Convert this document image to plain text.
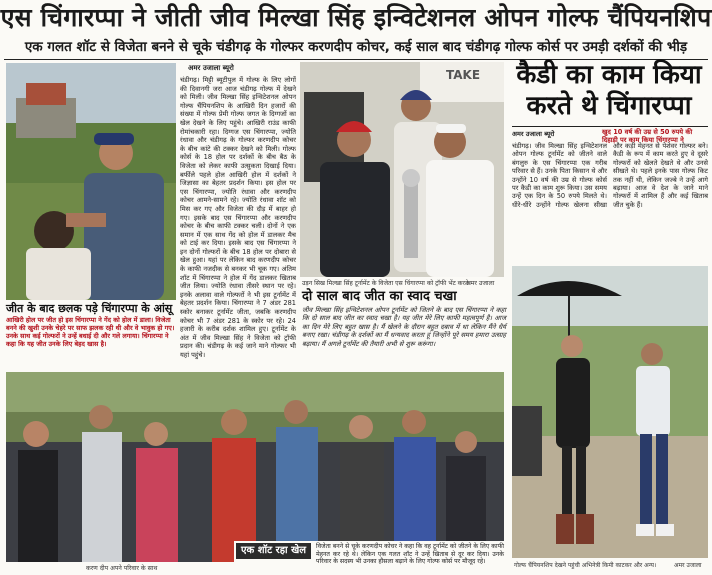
एस चिंगारप्पा ने जीती जीव मिल्खा सिंह इन्विटेशनल ओपन गोल्फ चैंपियनशिप
एक गलत शॉट से विजेता बनने से चूके चंडीगढ़ के गोल्फर करणदीप कोचर, कई साल बाद चंडीगढ़ गोल्फ कोर्स पर उमड़ी दर्शकों की भीड़
जीत के बाद छलक पड़े चिंगारप्पा के आंसू
आखिरी होल पर जीत हो इस चिंगारप्पा ने गेंद को होल में डाला। विजेता बनने की खुशी उनके चेहरे पर साफ झलक रही थी और वे भावुक हो गए। उनके साथ कई गोल्फरों ने उन्हें बधाई दी और गले लगाया। चिंगारप्पा ने कहा कि यह जीत उनके लिए बेहद खास है।
अमर उजाला ब्यूरो
चंडीगढ़। मिट्टी ब्यूटीपुल में गोल्फ के लिए लोगों की दिवानगी जरा आज चंडीगढ़ गोल्फ में देखने को मिली। जीव मिल्खा सिंह इन्विटेशनल ओपन गोल्फ चैंपियनशिप के आखिरी दिन हजारों की संख्या में गोल्फ प्रेमी गोल्फ जगत के दिग्गजों का खेल देखने के लिए पहुंचे। आखिरी राउंड काफी रोमांचकारी रहा। दिग्गज एस चिंगारप्पा, ज्योति रंधावा और चंडीगढ़ के गोल्फर करणदीप कोचर के बीच कांटे की टक्कर देखने को मिली। गोल्फ कोर्स के 18 होल पर दर्शकों के बीच बैठ के विजेता को लेकर काफी उत्सुकता दिखाई दिया। बर्फीले पहले होल आखिरी होल में दर्शकों ने जिज्ञासा का बेहतर प्रदर्शन किया। इस होल पर एस चिंगारप्पा, ज्योति रंधावा और करणदीप कोचर आमने-सामने रहे। ज्योति रंधावा शॉट को मिस कर गए और विजेता की दौड़ में बाहर हो गए। इसके बाद एस चिंगारप्पा और करणदीप कोचर के बीच काफी टक्कर चली। दोनों ने एक समान में एक साथ गेंद को होल में डालकर मैच को टाई कर दिया। इसके बाद एस चिंगारप्पा ने इन दोनों गोल्फरों के बीच 18 होल पर दोबारा से खेल हुआ। यहां पर लेकिन बाद करणदीप कोचर के काफी नजदीक से बनकर भी चूक गए। अंतिम शॉट में चिंगारप्पा ने होल में गेंद डालकर खिताब जीत लिया। ज्योति रंधावा तीसरे स्थान पर रहे। इनके अलावा वाले गोल्फरों ने भी इस टूर्नामेंट में बेहतर प्रदर्शन किया। चिंगारप्पा ने 7 अंडर 281 स्कोर बनाकर टूर्नामेंट जीता, जबकि करणदीप कोचर भी 7 अंडर 281 के स्कोर पर रहे। 24 हजारी के करीब दर्शक शामिल हुए। टूर्नामेंट के अंत में जीव मिल्खा सिंह ने विजेता को ट्रॉफी प्रदान की। चंडीगढ़ के कई जाने माने गोल्फर भी यहां पहुंचे।
TAKE
उड़न सिख मिल्खा सिंह टूर्नामेंट के विजेता एस चिंगारप्पा को ट्रॉफी भेंट करते।
अमर उजाला
दो साल बाद जीत का स्वाद चखा
जीव मिल्खा सिंह इन्विटेशनल ओपन टूर्नामेंट को जितने के बाद एस चिंगारप्पा ने कहा कि दो साल बाद जीत का स्वाद चखा है। यह जीत मेरे लिए काफी महत्वपूर्ण है। आज का दिन मेरे लिए बहुत खास है। मैं खेलने के दौरान बहुत दबाव में था लेकिन मैंने धैर्य बनाए रखा। चंडीगढ़ के दर्शकों का मैं धन्यवाद करता हूं जिन्होंने पूरे समय हमारा उत्साह बढ़ाया। मैं अगले टूर्नामेंट की तैयारी अभी से शुरू करूंगा।
कैडी का काम किया करते थे चिंगारप्पा
अमर उजाला ब्यूरो	खुद 10 वर्ष की उम्र से 50 रुपये की दिहाड़ी पर काम किया चिंगारप्पा ने
चंडीगढ़। जीव मिल्खा सिंह इन्विटेशनल ओपन गोल्फ टूर्नामेंट को जीतने वाले बंगलुरु के एस चिंगारप्पा एक गरीब परिवार से हैं। उनके पिता किसान थे और उन्होंने 10 वर्ष की उम्र से गोल्फ कोर्स पर कैडी का काम शुरू किया। उस समय उन्हें एक दिन के 50 रुपये मिलते थे। धीरे-धीरे उन्होंने गोल्फ खेलना सीखा और कड़ी मेहनत से पेशेवर गोल्फर बने। कैडी के रूप में काम करते हुए वे दूसरे गोल्फरों को खेलते देखते थे और उनसे सीखते थे। पहले इनके पास गोल्फ किट तक नहीं थी, लेकिन जज्बे ने उन्हें आगे बढ़ाया। आज वे देश के जाने माने गोल्फरों में शामिल हैं और कई खिताब जीत चुके हैं।
गोल्फ चैंपियनशिप देखने पहुंची अभिनेत्री किमी काटकर और अन्य।	अमर उजाला
करण दीप अपने परिवार के साथ
एक शॉट रहा खेल	विजेता बनने से चूके करणदीप कोचर ने कहा कि वह टूर्नामेंट को जीतने के लिए काफी मेहनत कर रहे थे। लेकिन एक गलत शॉट ने उन्हें खिताब से दूर कर दिया। उनके परिवार के सदस्य भी उनका हौसला बढ़ाने के लिए गोल्फ कोर्स पर मौजूद रहे।
